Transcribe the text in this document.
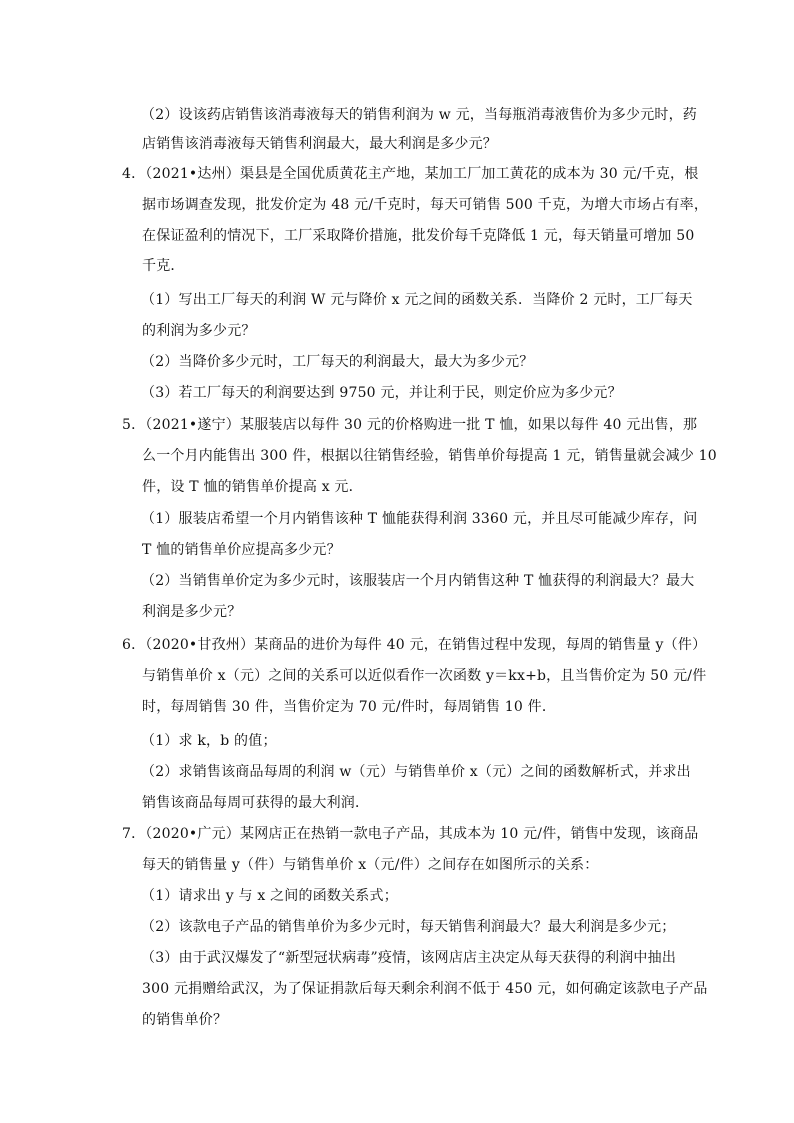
（2）设该药店销售该消毒液每天的销售利润为 w 元，当每瓶消毒液售价为多少元时，药
店销售该消毒液每天销售利润最大，最大利润是多少元？
4．（2021•达州）渠县是全国优质黄花主产地，某加工厂加工黄花的成本为 30 元/千克，根
据市场调查发现，批发价定为 48 元/千克时，每天可销售 500 千克，为增大市场占有率，
在保证盈利的情况下，工厂采取降价措施，批发价每千克降低 1 元，每天销量可增加 50
千克．
（1）写出工厂每天的利润 W 元与降价 x 元之间的函数关系．当降价 2 元时，工厂每天
的利润为多少元？
（2）当降价多少元时，工厂每天的利润最大，最大为多少元？
（3）若工厂每天的利润要达到 9750 元，并让利于民，则定价应为多少元？
5．（2021•遂宁）某服装店以每件 30 元的价格购进一批 T 恤，如果以每件 40 元出售，那
么一个月内能售出 300 件，根据以往销售经验，销售单价每提高 1 元，销售量就会减少 10
件，设 T 恤的销售单价提高 x 元．
（1）服装店希望一个月内销售该种 T 恤能获得利润 3360 元，并且尽可能减少库存，问
T 恤的销售单价应提高多少元？
（2）当销售单价定为多少元时，该服装店一个月内销售这种 T 恤获得的利润最大？最大
利润是多少元？
6．（2020•甘孜州）某商品的进价为每件 40 元，在销售过程中发现，每周的销售量 y（件）
与销售单价 x（元）之间的关系可以近似看作一次函数 y＝kx+b，且当售价定为 50 元/件
时，每周销售 30 件，当售价定为 70 元/件时，每周销售 10 件．
（1）求 k，b 的值；
（2）求销售该商品每周的利润 w（元）与销售单价 x（元）之间的函数解析式，并求出
销售该商品每周可获得的最大利润．
7．（2020•广元）某网店正在热销一款电子产品，其成本为 10 元/件，销售中发现，该商品
每天的销售量 y（件）与销售单价 x（元/件）之间存在如图所示的关系：
（1）请求出 y 与 x 之间的函数关系式；
（2）该款电子产品的销售单价为多少元时，每天销售利润最大？最大利润是多少元；
（3）由于武汉爆发了“新型冠状病毒”疫情，该网店店主决定从每天获得的利润中抽出
300 元捐赠给武汉，为了保证捐款后每天剩余利润不低于 450 元，如何确定该款电子产品
的销售单价？
